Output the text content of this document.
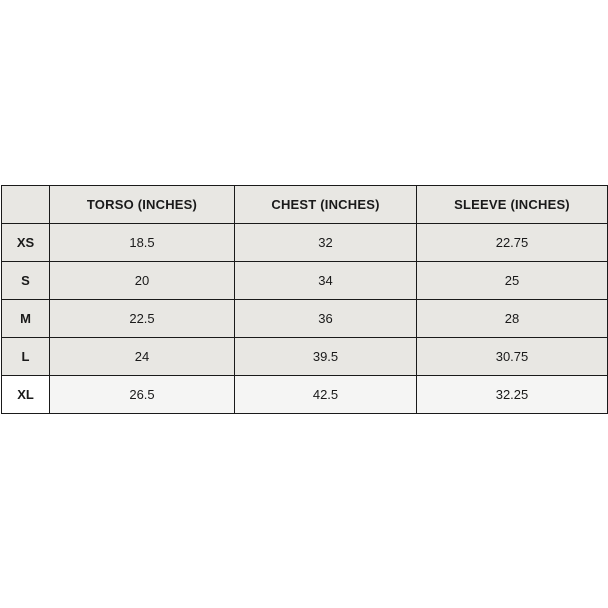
	TORSO (INCHES)	CHEST (INCHES)	SLEEVE (INCHES)
XS	18.5	32	22.75
S	20	34	25
M	22.5	36	28
L	24	39.5	30.75
XL	26.5	42.5	32.25
